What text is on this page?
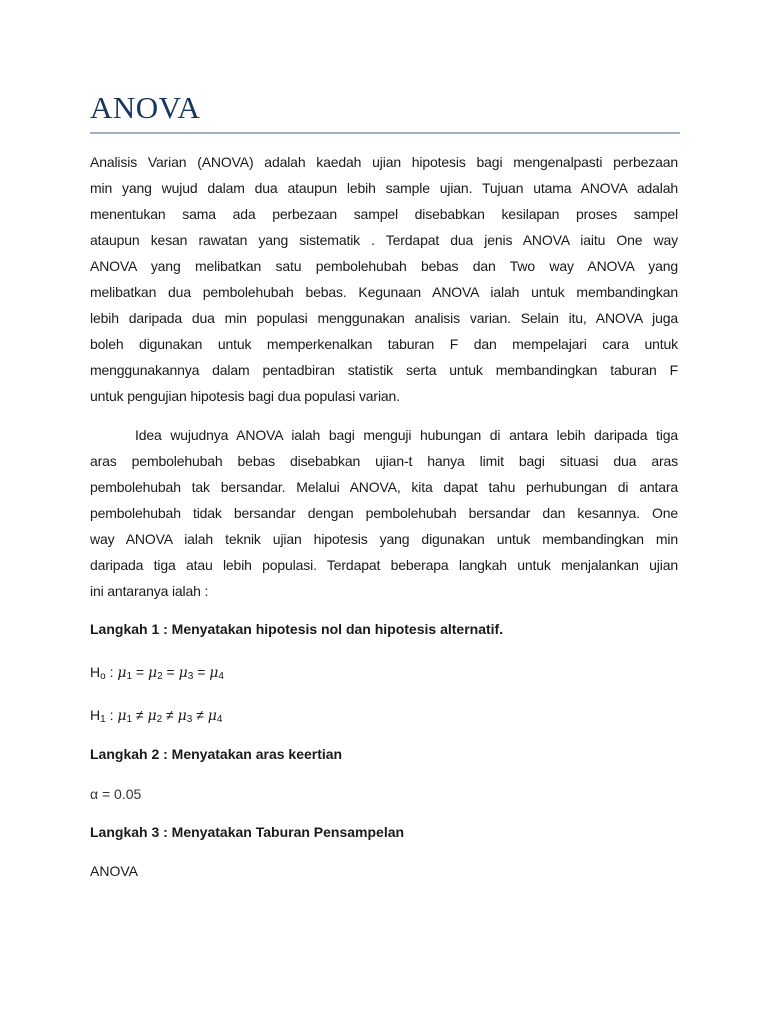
ANOVA
Analisis Varian (ANOVA) adalah kaedah ujian hipotesis bagi mengenalpasti perbezaan
min yang wujud dalam dua ataupun lebih sample ujian. Tujuan utama ANOVA adalah
menentukan sama ada perbezaan sampel disebabkan kesilapan proses sampel
ataupun kesan rawatan yang sistematik . Terdapat dua jenis ANOVA iaitu One way
ANOVA yang melibatkan satu pembolehubah bebas dan Two way ANOVA yang
melibatkan dua pembolehubah bebas. Kegunaan ANOVA ialah untuk membandingkan
lebih daripada dua min populasi menggunakan analisis varian. Selain itu, ANOVA juga
boleh digunakan untuk memperkenalkan taburan F dan mempelajari cara untuk
menggunakannya dalam pentadbiran statistik serta untuk membandingkan taburan F
untuk pengujian hipotesis bagi dua populasi varian.
Idea wujudnya ANOVA ialah bagi menguji hubungan di antara lebih daripada tiga
aras pembolehubah bebas disebabkan ujian-t hanya limit bagi situasi dua aras
pembolehubah tak bersandar. Melalui ANOVA, kita dapat tahu perhubungan di antara
pembolehubah tidak bersandar dengan pembolehubah bersandar dan kesannya. One
way ANOVA ialah teknik ujian hipotesis yang digunakan untuk membandingkan min
daripada tiga atau lebih populasi. Terdapat beberapa langkah untuk menjalankan ujian
ini antaranya ialah :
Langkah 1 : Menyatakan hipotesis nol dan hipotesis alternatif.
$H_o$ : $\mu_1 = \mu_2 = \mu_3 = \mu_4$
$H_1$ : $\mu_1 \ne \mu_2 \ne \mu_3 \ne \mu_4$
Langkah 2 : Menyatakan aras keertian
α = 0.05
Langkah 3 : Menyatakan Taburan Pensampelan
ANOVA
